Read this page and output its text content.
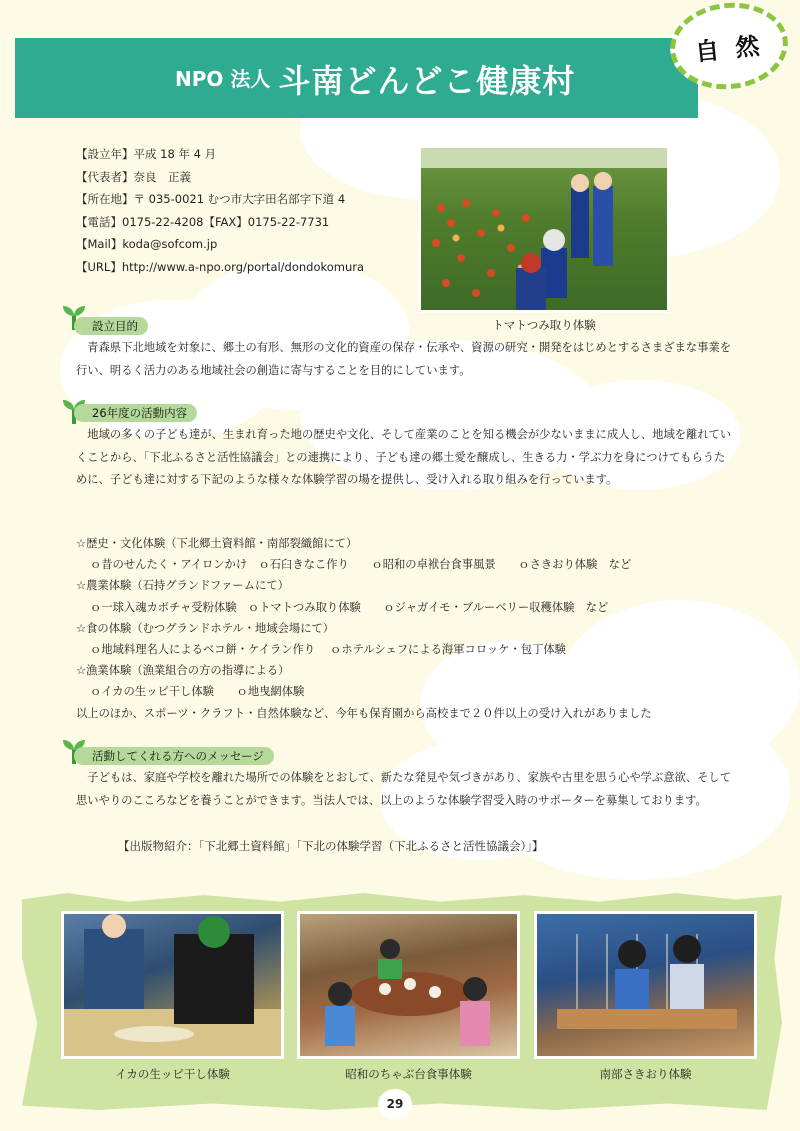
NPO 法人 斗南どんどこ健康村
自 然
【設立年】平成 18 年 4 月
【代表者】奈良　正義
【所在地】〒 035-0021 むつ市大字田名部字下道 4
【電話】0175-22-4208【FAX】0175-22-7731
【Mail】koda@sofcom.jp
【URL】http://www.a-npo.org/portal/dondokomura
トマトつみ取り体験
設立目的

　青森県下北地域を対象に、郷土の有形、無形の文化的資産の保存・伝承や、資源の研究・開発をはじめとするさまざまな事業を行い、明るく活力のある地域社会の創造に寄与することを目的にしています。

26年度の活動内容

　地域の多くの子ども達が、生まれ育った地の歴史や文化、そして産業のことを知る機会が少ないままに成人し、地域を離れていくことから、「下北ふるさと活性協議会」との連携により、子ども達の郷土愛を醸成し、生きる力・学ぶ力を身につけてもらうために、子ども達に対する下記のような様々な体験学習の場を提供し、受け入れる取り組みを行っています。

☆歴史・文化体験（下北郷土資料館・南部裂織館にて）
ｏ昔のせんたく・アイロンかけ　ｏ石臼きなこ作り　　ｏ昭和の卓袱台食事風景　　ｏさきおり体験　など
☆農業体験（石持グランドファームにて）
ｏ一球入魂カボチャ受粉体験　ｏトマトつみ取り体験　　ｏジャガイモ・ブルーベリー収穫体験　など
☆食の体験（むつグランドホテル・地域会場にて）
ｏ地域料理名人によるベコ餅・ケイラン作り　 ｏホテルシェフによる海軍コロッケ・包丁体験
☆漁業体験（漁業組合の方の指導による）
ｏイカの生ッピ干し体験　　ｏ地曳網体験
以上のほか、スポーツ・クラフト・自然体験など、今年も保育園から高校まで２０件以上の受け入れがありました
活動してくれる方へのメッセージ

　子どもは、家庭や学校を離れた場所での体験をとおして、新たな発見や気づきがあり、家族や古里を思う心や学ぶ意欲、そして思いやりのこころなどを養うことができます。当法人では、以上のような体験学習受入時のサポーターを募集しております。

【出版物紹介：｢下北郷土資料館｣「下北の体験学習（下北ふるさと活性協議会）」】
イカの生ッピ干し体験	昭和のちゃぶ台食事体験	南部さきおり体験
29
